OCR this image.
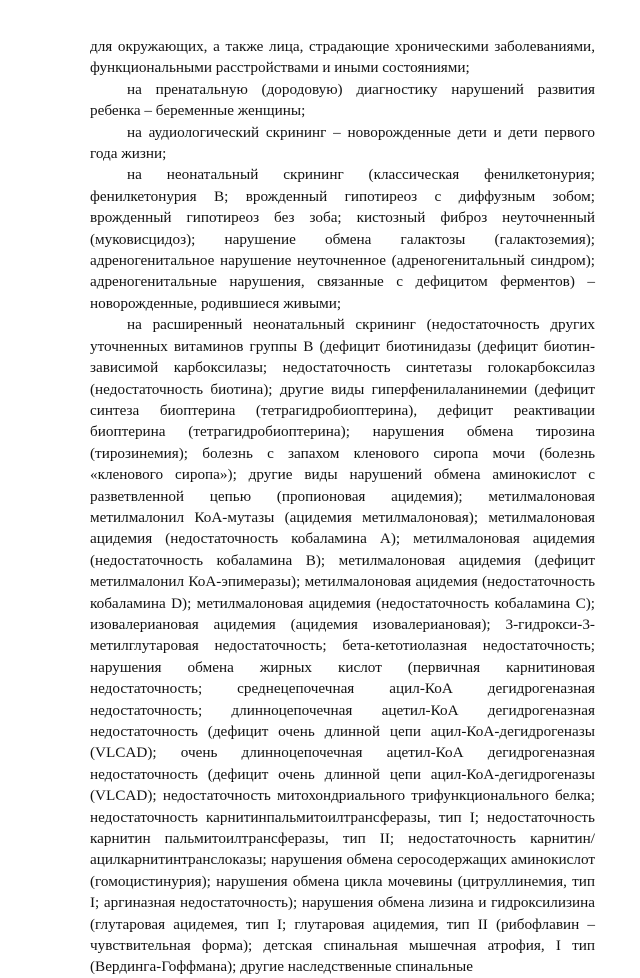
для окружающих, а также лица, страдающие хроническими заболеваниями, функциональными расстройствами и иными состояниями;

на пренатальную (дородовую) диагностику нарушений развития ребенка – беременные женщины;

на аудиологический скрининг – новорожденные дети и дети первого года жизни;

на неонатальный скрининг (классическая фенилкетонурия; фенилкетонурия B; врожденный гипотиреоз с диффузным зобом; врожденный гипотиреоз без зоба; кистозный фиброз неуточненный (муковисцидоз); нарушение обмена галактозы (галактоземия); адреногенитальное нарушение неуточненное (адреногенитальный синдром); адреногенитальные нарушения, связанные с дефицитом ферментов) – новорожденные, родившиеся живыми;

на расширенный неонатальный скрининг (недостаточность других уточненных витаминов группы B (дефицит биотинидазы (дефицит биотин-зависимой карбоксилазы; недостаточность синтетазы голокарбоксилаз (недостаточность биотина); другие виды гиперфенилаланинемии (дефицит синтеза биоптерина (тетрагидробиоптерина), дефицит реактивации биоптерина (тетрагидробиоптерина); нарушения обмена тирозина (тирозинемия); болезнь с запахом кленового сиропа мочи (болезнь «кленового сиропа»); другие виды нарушений обмена аминокислот с разветвленной цепью (пропионовая ацидемия); метилмалоновая метилмалонил КоА-мутазы (ацидемия метилмалоновая); метилмалоновая ацидемия (недостаточность кобаламина A); метилмалоновая ацидемия (недостаточность кобаламина B); метилмалоновая ацидемия (дефицит метилмалонил КоА-эпимеразы); метилмалоновая ацидемия (недостаточность кобаламина D); метилмалоновая ацидемия (недостаточность кобаламина C); изовалериановая ацидемия (ацидемия изовалериановая); 3-гидрокси-3-метилглутаровая недостаточность; бета-кетотиолазная недостаточность; нарушения обмена жирных кислот (первичная карнитиновая недостаточность; среднецепочечная ацил-КоА дегидрогеназная недостаточность; длинноцепочечная ацетил-КоА дегидрогеназная недостаточность (дефицит очень длинной цепи ацил-КоА-дегидрогеназы (VLCAD); очень длинноцепочечная ацетил-КоА дегидрогеназная недостаточность (дефицит очень длинной цепи ацил-КоА-дегидрогеназы (VLCAD); недостаточность митохондриального трифункционального белка; недостаточность карнитинпальмитоилтрансферазы, тип I; недостаточность карнитин пальмитоилтрансферазы, тип II; недостаточность карнитин/ацилкарнитинтранслоказы; нарушения обмена серосодержащих аминокислот (гомоцистинурия); нарушения обмена цикла мочевины (цитруллинемия, тип I; аргиназная недостаточность); нарушения обмена лизина и гидроксилизина (глутаровая ацидемея, тип I; глутаровая ацидемия, тип II (рибофлавин – чувствительная форма); детская спинальная мышечная атрофия, I тип (Вердинга-Гоффмана); другие наследственные спинальные
